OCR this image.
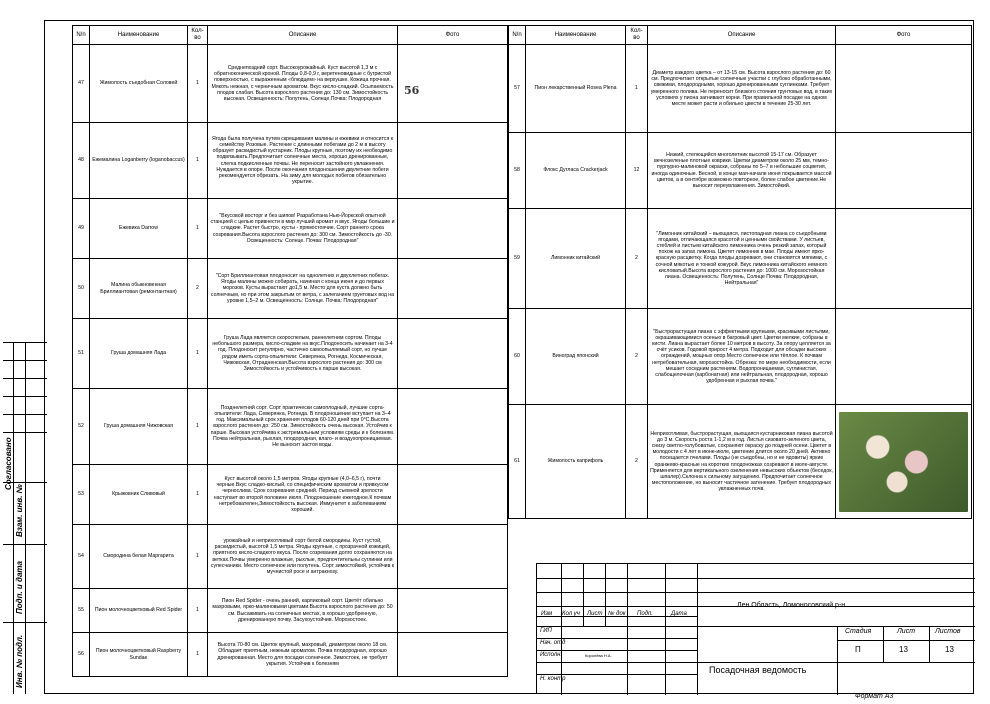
Согласовано
Взам. инв. №
Подп. и дата
Инв. № подл.
N/n	Наименование	Кол-во	Описание	Фото
47	Жимолость съедобная Соловей	1	Среднепоздний сорт. Высокоурожайный. Куст высотой 1,3 м с обратноконической кроной. Плоды 0,8-0,9 г, веретеновидные с бугристой поверхностью, с выраженным «блюдцем» на верхушке. Кожица прочная. Мякоть нежная, с черничным ароматом. Вкус кисло-сладкий. Осыпаемость плодов слабая. Высота взрослого растения до: 130 см. Зимостойкость высокая. Освещенность: Полутень, Солнце.Почва: Плодородная	56

48	Ежемалина Loganberry (loganobaccus)	1	Ягода была получена путем скрещивания малины и ежевики и относится к семейству Розовые. Растение с длинными побегами до 2 м в высоту образует раскидистый кустарник. Плоды крупные, поэтому их необходимо подвязывать.Предпочитает солнечные места, хорошо дренированные, слегка подкисленные почвы. Не переносит застойного увлажнения. Нуждается в опоре. После окончания плодоношения двулетние побеги рекомендуется обрезать. На зиму для молодых побегов обязательно укрытие.	

49	Ежевика Darrow	1	"Вкусовой восторг и без шипов! Разработана Нью-Йоркской опытной станцией с целью привнести в мир лучший аромат и вкус. Ягоды большие и сладкие. Растет быстро, кусты - прямостоячие. Сорт раннего срока созревания.Высота взрослого растения до: 300 см. Зимостойкость до -30. Освещенность: Солнце. Почва: Плодородная"	

50	Малина обыкновенная Бриллиантовая (ремонтантная)	2	"Сорт Бриллиантовая плодоносит на однолетних и двухлетних побегах. Ягоды малины можно собирать, начиная с конца июня и до первых морозов. Кусты вырастают до1,5 м. Место для куста должно быть солнечным, но при этом закрытым от ветра, с залеганием грунтовых вод на уровне 1,5–2 м. Освещенность: Солнце. Почва: Плодородная"	

51	Груша домашняя Лада	1	Груша Лада является скороспелым, раннелетним сортом. Плоды небольшого размера, кисло-сладкие на вкус.Плодоносить начинает на 3-4 год. Плодоносит регулярно, частично самоопыляемый сорт, но лучше рядом иметь сорта-опылители: Северянка, Рогнеда, Космическая, Чижовская, Отрадненская.Высота взрослого растения до: 300 см Зимостойкость и устойчивость к парше высокая.	

52	Груша домашняя Чижовская	1	Позднелетний сорт. Сорт практически самоплодный, лучшие сорта-опылители: Лада, Северянка, Рогнеда. В плодоношение вступает на 3–4 год. Максимальный срок хранения плодов 60-120 дней при 0°C.Высота взрослого растения до: 250 см. Зимостойкость очень высокая. Устойчив к парше. Высокая устойчива к экстремальным условиям среды и к болезням. Почва нейтральная, рыхлая, плодородная, влаго- и воздухопроницаемая. Не выносит застоя воды.	

53	Крыжовник Сливовый	1	Куст высотой около 1,5 метров. Ягоды крупные (4,0–6,5 г), почти черные.Вкус сладко-кислый, со специфическим ароматом и привкусом чернослива. Срок созревания средний. Период съемной зрелости наступает во второй половине июля. Плодоношение ежегодное.К почвам нетребователен,Зимостойкость высокая. Иммунитет к заболеваниям хороший.	

54	Смородина белая Маргарита	1	урожайный и неприхотливый сорт белой смородины. Куст густой, раскидистый, высотой 1,5 метра. Ягоды крупные, с прозрачной кожицей, приятного кисло-сладкого вкуса. После созревания долго сохраняются на ветках.Почвы умеренно влажные, рыхлые, предпочтительны суглинки или супесчаники. Место солнечное или полутень. Сорт зимостойкий, устойчив к мучнистой росе и антракнозу.	

55	Пион молочноцветковый Red Spider	1	Пион Red Spider - очень ранний, карликовый сорт. Цветёт обильно махровыми, ярко-малиновыми цветами.Высота взрослого растения до: 50 см. Высаживать на солнечных местах, в хорошо удобренную, дренированную почву. Засухоустойчив. Морозостоек.	

56	Пион молочноцветковый Raspberry Sundae	1	Высота 70-80 см. Цветок крупный, махровый, диаметром около 18 см. Обладает приятным, нежным ароматом. Почва плодородная, хорошо дренированная. Место для посадки солнечное. Зимостоек, не требует укрытия. Устойчив к болезням	
N/n	Наименование	Кол-во	Описание	Фото
57	Пион лекарственный Rosea Plena	1	Диаметр каждого цветка – от 13-15 см. Высота взрослого растения до: 60 см. Предпочитает открытые солнечные участки с глубоко обработанными, свежими, плодородными, хорошо дренированными суглинками. Требует умеренного полива. Не переносит близкого стояния грунтовых вод, в таких условиях у пиона загнивают корни. При правильной посадке на одном месте может расти и обильно цвести в течение 25-30 лет.	

58	Флокс Дугласа Crackerjack	12	Низкий, стелющийся многолетник высотой 15-17 см. Образует вечнозеленые плотные коврики. Цветки диаметром около 25 мм, темно-пурпурно-малиновой окраски, собраны по 5–7 в небольшие соцветия, иногда одиночные. Весной, в конце мая-начале июня покрывается массой цветов, а в сентябре возможно повторное, более слабое цветение.Не выносит переувлажнения. Зимостойкий.	

59	Лимонник китайский	2	"Лимонник китайский – вьющаяся, листопадная лиана со съедобными ягодами, отличающаяся красотой и ценными свойствами. У листьев, стеблей и листьев китайского лимонника очень резкий запах, который похож на запах лимона. Цветет лимонник в мае. Плоды имеют ярко-красную расцветку. Когда плоды дозревают, они становятся мягкими, с сочной мякотью и тонкой кожурой. Вкус лимонника китайского немного кисловатый.Высота взрослого растения до: 1000 см. Морозостойкая лиана. Освещенность: Полутень, Солнце Почва: Плодородная, Нейтральная"	

60	Виноград японский	2	"Быстрорастущая лиана с эффектными крупными, красивыми листьями, окрашивающимися осенью в багровый цвет. Цветки мелкие, собраны в кисти. Лиана вырастает более 10 метров в высоту. За опору цепляется за счёт усиков. Годовой прирост 4 метра. Подходит для обсадки высоких ограждений, мощных опор.Место солнечное или тёплое. К почвам нетребовательная, морозостойка. Обрезка: по мере необходимости, если мешает соседним растениям. Водопроницаемая, суглинистая, слабощелочная (карбонатная) или нейтральная, плодородная, хорошо удобренная и рыхлая почва."	

61	Жимолость каприфоль	2	Неприхотливая, быстрорастущая, вьющаяся кустарниковая лиана высотой до 3 м. Скорость роста 1-1,2 м в год. Листья сизовато-зеленого цвета, снизу светло-голубоватые, сохраняют окраску до поздней осени. Цветет в молодости с 4 лет в июне-июле, цветение длится около 20 дней. Активно посещается пчелами. Плоды (не съедобны, но и не ядовиты) яркие оранжево-красные на коротких плодоножках созревают в июле-августе. Применяется для вертикального озеленения невысоких объектов (беседок, шпалер).Склонна к сильному загущению. Предпочитает солнечное местоположение, но выносит частичное затенение. Требует плодородных увлажненных почв.	
Изм Кол уч Лист № док Подп.	Дата
ГИП
Нач. отд
Исполн.
Н. контр
Королёва Н.А.
Лен.Область, Ломоносовский р-н.
Посадочная ведомость
Стадия	Лист	Листов
П	13	13
Формат А3
